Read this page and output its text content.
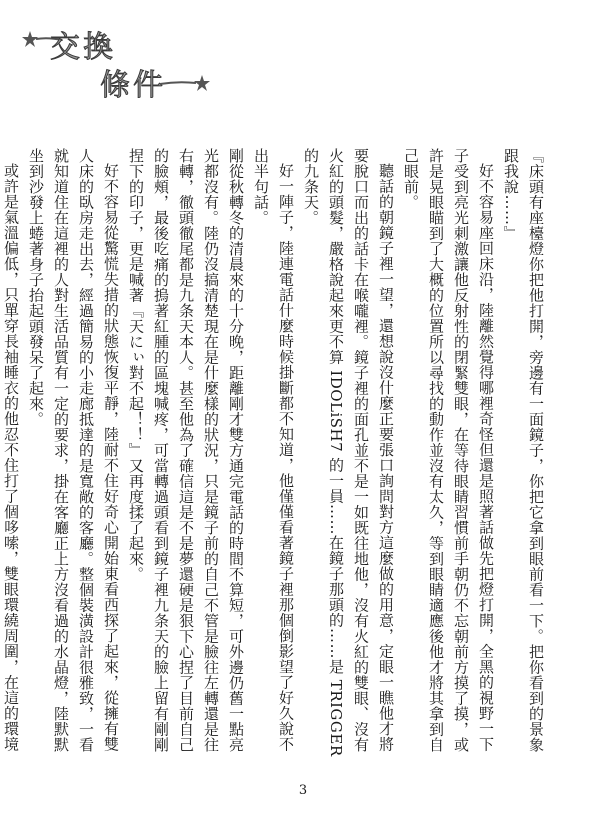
交換
條件

『床頭有座檯燈你把他打開，旁邊有一面鏡子，你把它拿到眼前看一下。把你看到的景象跟我說……』

好不容易座回床沿，陸離然覺得哪裡奇怪但還是照著話做先把燈打開，全黑的視野一下子受到亮光刺激讓他反射性的閉緊雙眼，在等待眼睛習慣前手朝仍不忘朝前方摸了摸，或許是晃眼瞄到了大概的位置所以尋找的動作並沒有太久，等到眼睛適應後他才將其拿到自己眼前。

聽話的朝鏡子裡一望，還想說沒什麼正要張口詢問對方這麼做的用意，定眼一瞧他才將要脫口而出的話卡在喉嚨裡。鏡子裡的面孔並不是一如既往地他，沒有火紅的雙眼、沒有火紅的頭髮，嚴格說起來更不算 IDOLiSH7 的一員……在鏡子那頭的……是 TRIGGER 的九条天。

好一陣子，陸連電話什麼時候掛斷都不知道，他僅僅看著鏡子裡那個倒影望了好久說不出半句話。

剛從秋轉冬的清晨來的十分晚，距離剛才雙方通完電話的時間不算短，可外邊仍舊一點亮光都沒有。陸仍沒搞清楚現在是什麼樣的狀況，只是鏡子前的自己不管是臉往左轉還是往右轉，徹頭徹尾都是九条天本人。甚至他為了確信這是不是夢還硬是狠下心捏了目前自己的臉頰，最後吃痛的摀著紅腫的區塊喊疼，可當轉過頭看到鏡子裡九条天的臉上留有剛剛捏下的印子，更是喊著『天にぃ對不起！！』又再度揉了起來。

好不容易從驚慌失措的狀態恢復平靜，陸耐不住好奇心開始東看西探了起來，從擁有雙人床的臥房走出去，經過簡易的小走廊抵達的是寬敞的客廳。整個裝潢設計很雅致，一看就知道住在這裡的人對生活品質有一定的要求，掛在客廳正上方沒看過的水晶燈，陸默默坐到沙發上蜷著身子抬起頭發呆了起來。

或許是氣溫偏低，只單穿長袖睡衣的他忍不住打了個哆嗦，雙眼環繞周圍，在這的環境

3
